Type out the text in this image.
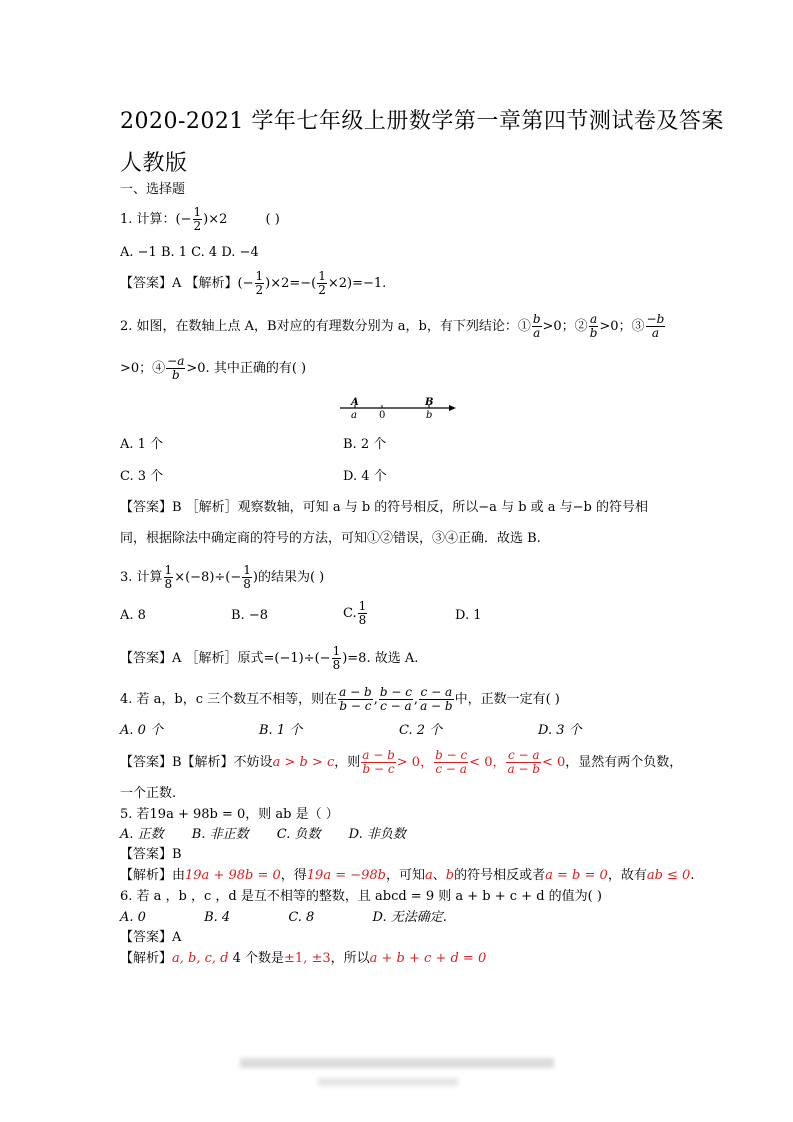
2020-2021 学年七年级上册数学第一章第四节测试卷及答案
人教版
一、选择题
1. 计算：(− $\frac{1}{2} )\times 2$	( )
A. −1 B. 1 C. 4 D. −4
【答案】A 【解析】(− $\frac{1}{2} )\times 2=-( \frac{1}{2} \times 2)=-1$.
2. 如图，在数轴上点 A，B对应的有理数分别为 a，b，有下列结论：① $\frac{b}{a} >0$；② $\frac{a}{b} >0$；③ $\frac{-b}{a}$
>0；④ $\frac{-a}{b} >0$. 其中正确的有( )
A
a 0
B
b
A. 1 个	B. 2 个
C. 3 个	D. 4 个
【答案】B ［解析］观察数轴，可知 a 与 b 的符号相反，所以−a 与 b 或 a 与−b 的符号相
同，根据除法中确定商的符号的方法，可知①②错误，③④正确．故选 B.
3. 计算 $\frac{1}{8} \times(-8)\div(- \frac{1}{8}$ )的结果为( )
A. 8	B. −8	C. $\frac{1}{8}$	D. 1
【答案】A ［解析］原式$=(-1)\div(- \frac{1}{8} )=8$. 故选 A.
4. 若 a，b，c 三个数互不相等，则在 $\frac{a - b}{b - c}$ , $\frac{b - c}{c - a}$ , $\frac{c - a}{a - b}$ 中，正数一定有( )
A. 0 个	B. 1 个	C. 2 个	D. 3 个
【答案】B【解析】不妨设a > b > c，则 $\frac{a - b}{b - c} > 0$， $\frac{b - c}{c - a} < 0$， $\frac{c - a}{a - b} < 0$，显然有两个负数，
一个正数.
5. 若19a + 98b = 0，则 ab 是（ ）
A. 正数 B. 非正数 C. 负数 D. 非负数
【答案】B
【解析】由19a + 98b = 0，得19a = −98b，可知a、b的符号相反或者a = b = 0，故有ab ≤ 0.
6. 若 a ，b ，c ，d 是互不相等的整数，且 abcd = 9 则 a + b + c + d 的值为( )
A. 0	B. 4	C. 8	D. 无法确定.
【答案】A
【解析】a, b, c, d 4 个数是±1, ±3，所以a + b + c + d = 0
